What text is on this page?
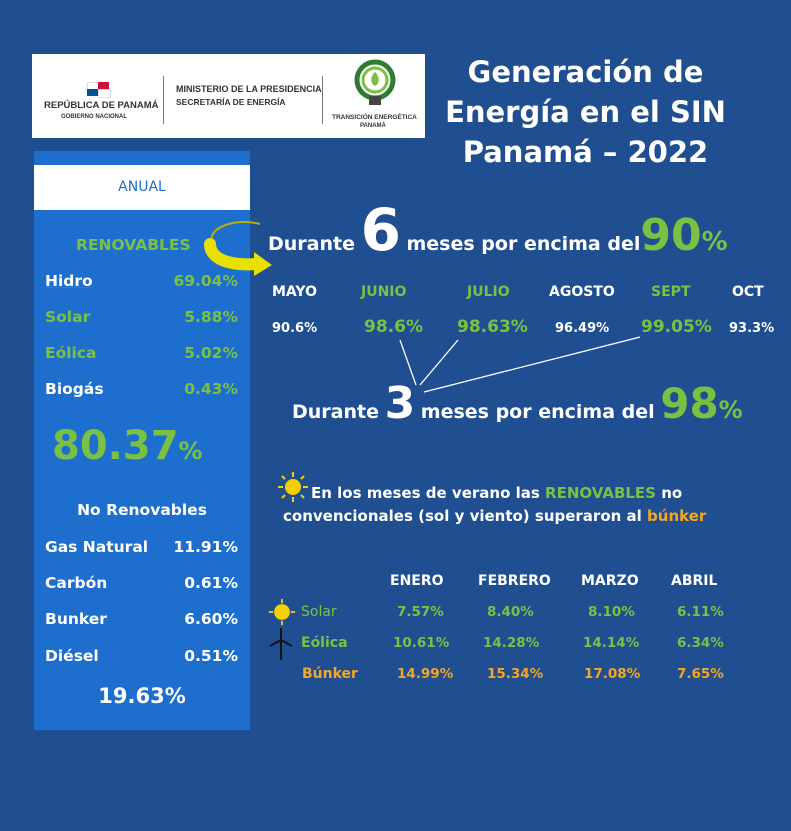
REPÚBLICA DE PANAMÁ
GOBIERNO NACIONAL
MINISTERIO DE LA PRESIDENCIA
SECRETARÍA DE ENERGÍA
TRANSICIÓN ENERGÉTICA
PANAMÁ
Generación de
Energía en el SIN
Panamá – 2022
ANUAL
RENOVABLES
Hidro	69.04%
Solar	5.88%
Eólica	5.02%
Biogás	0.43%
80.37%
No Renovables
Gas Natural 11.91%
Carbón	0.61%
Bunker	6.60%
Diésel	0.51%
19.63%
Durante 6 meses por encima del90%
MAYO	JUNIO	JULIO	AGOSTO	SEPT	OCT
90.6%	98.6% 98.63% 96.49% 99.05% 93.3%
Durante 3 meses por encima del 98%
En los meses de verano las RENOVABLES no
convencionales (sol y viento) superaron al búnker
ENERO FEBRERO MARZO ABRIL
Solar	7.57%	8.40%	8.10%	6.11%
Eólica	10.61%	14.28%	14.14%	6.34%
Búnker	14.99%	15.34%	17.08%	7.65%
